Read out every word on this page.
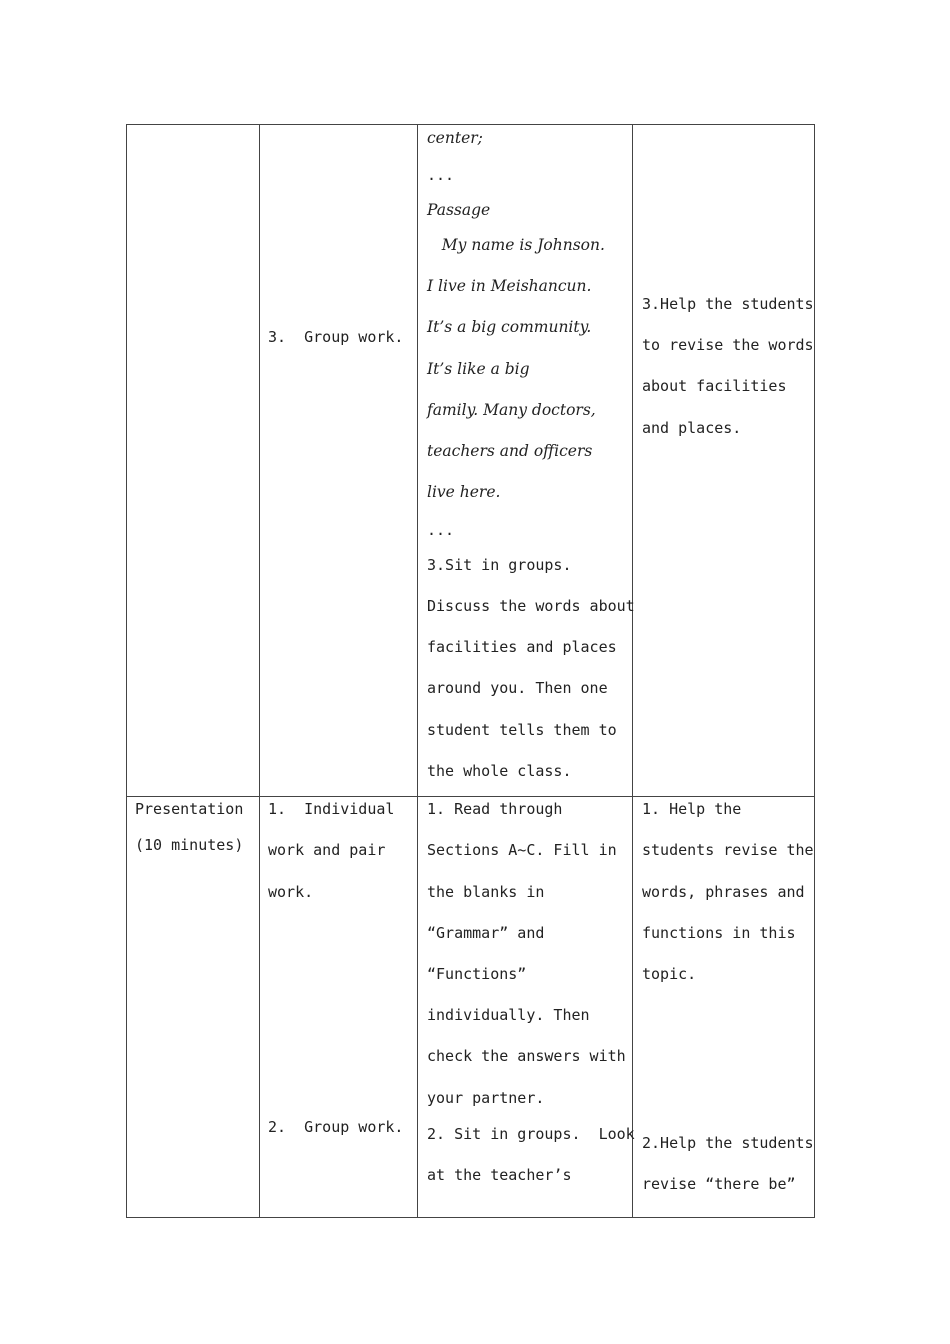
3.  Group work.
center;
...
Passage
My name is Johnson.
I live in Meishancun.
It’s a big community.
It’s like a big
family. Many doctors,
teachers and officers
live here.
...
3.Sit in groups.
Discuss the words about
facilities and places
around you. Then one
student tells them to
the whole class.
3.Help the students
to revise the words
about facilities
and places.
Presentation
(10 minutes)
1.  Individual
work and pair
work.
2.  Group work.
1. Read through
Sections A~C. Fill in
the blanks in
“Grammar” and
“Functions”
individually. Then
check the answers with
your partner.
2. Sit in groups.  Look
at the teacher’s
1. Help the
students revise the
words, phrases and
functions in this
topic.
2.Help the students
revise “there be”
